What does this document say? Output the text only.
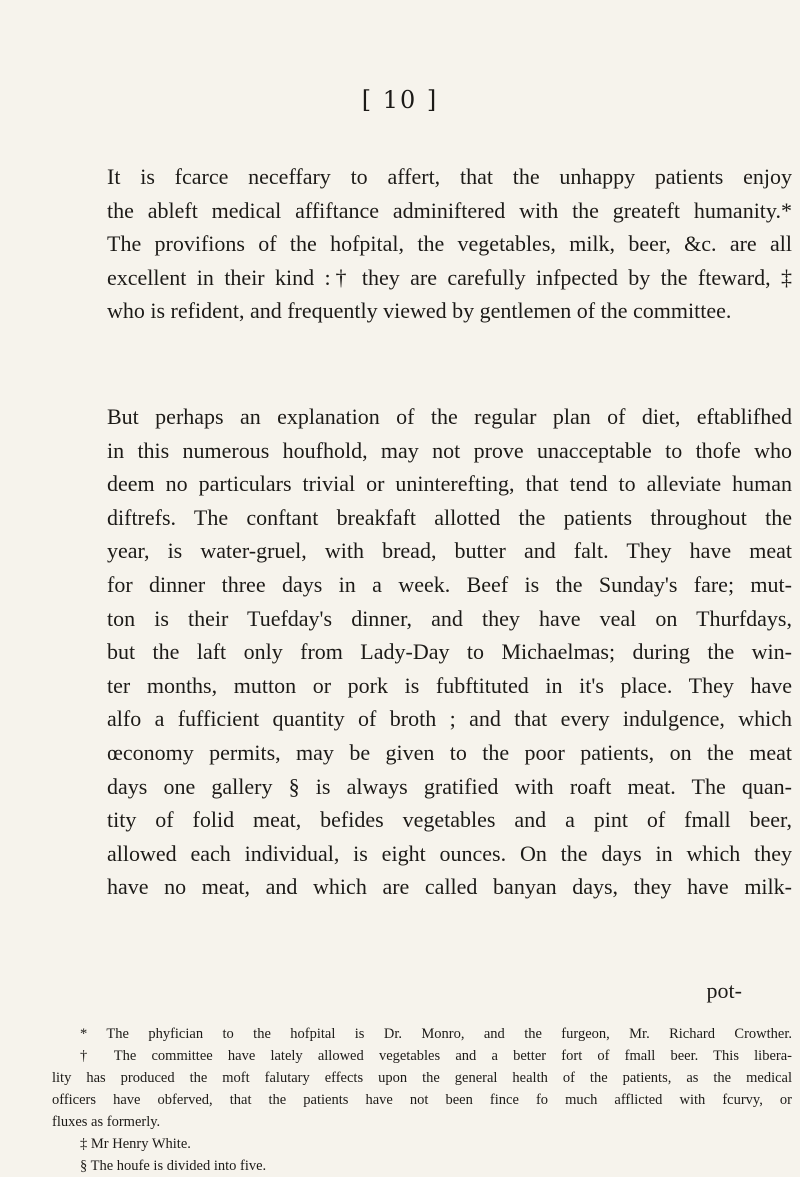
[ 10 ]

It is fcarce neceffary to affert, that the unhappy patients enjoy
the ableft medical affiftance adminiftered with the greateft humanity.*
The provifions of the hofpital, the vegetables, milk, beer, &c. are all
excellent in their kind :† they are carefully infpected by the fteward, ‡
who is refident, and frequently viewed by gentlemen of the committee.

But perhaps an explanation of the regular plan of diet, eftablifhed
in this numerous houfhold, may not prove unacceptable to thofe who
deem no particulars trivial or uninterefting, that tend to alleviate human
diftrefs. The conftant breakfaft allotted the patients throughout the
year, is water-gruel, with bread, butter and falt. They have meat
for dinner three days in a week. Beef is the Sunday's fare; mut-
ton is their Tuefday's dinner, and they have veal on Thurfdays,
but the laft only from Lady-Day to Michaelmas; during the win-
ter months, mutton or pork is fubftituted in it's place. They have
alfo a fufficient quantity of broth ; and that every indulgence, which
œconomy permits, may be given to the poor patients, on the meat
days one gallery § is always gratified with roaft meat. The quan-
tity of folid meat, befides vegetables and a pint of fmall beer,
allowed each individual, is eight ounces. On the days in which they
have no meat, and which are called banyan days, they have milk-

pot-
* The phyfician to the hofpital is Dr. Monro, and the furgeon, Mr. Richard Crowther.
† The committee have lately allowed vegetables and a better fort of fmall beer. This libera-
lity has produced the moft falutary effects upon the general health of the patients, as the medical
officers have obferved, that the patients have not been fince fo much afflicted with fcurvy, or
fluxes as formerly.
‡ Mr Henry White.
§ The houfe is divided into five.
